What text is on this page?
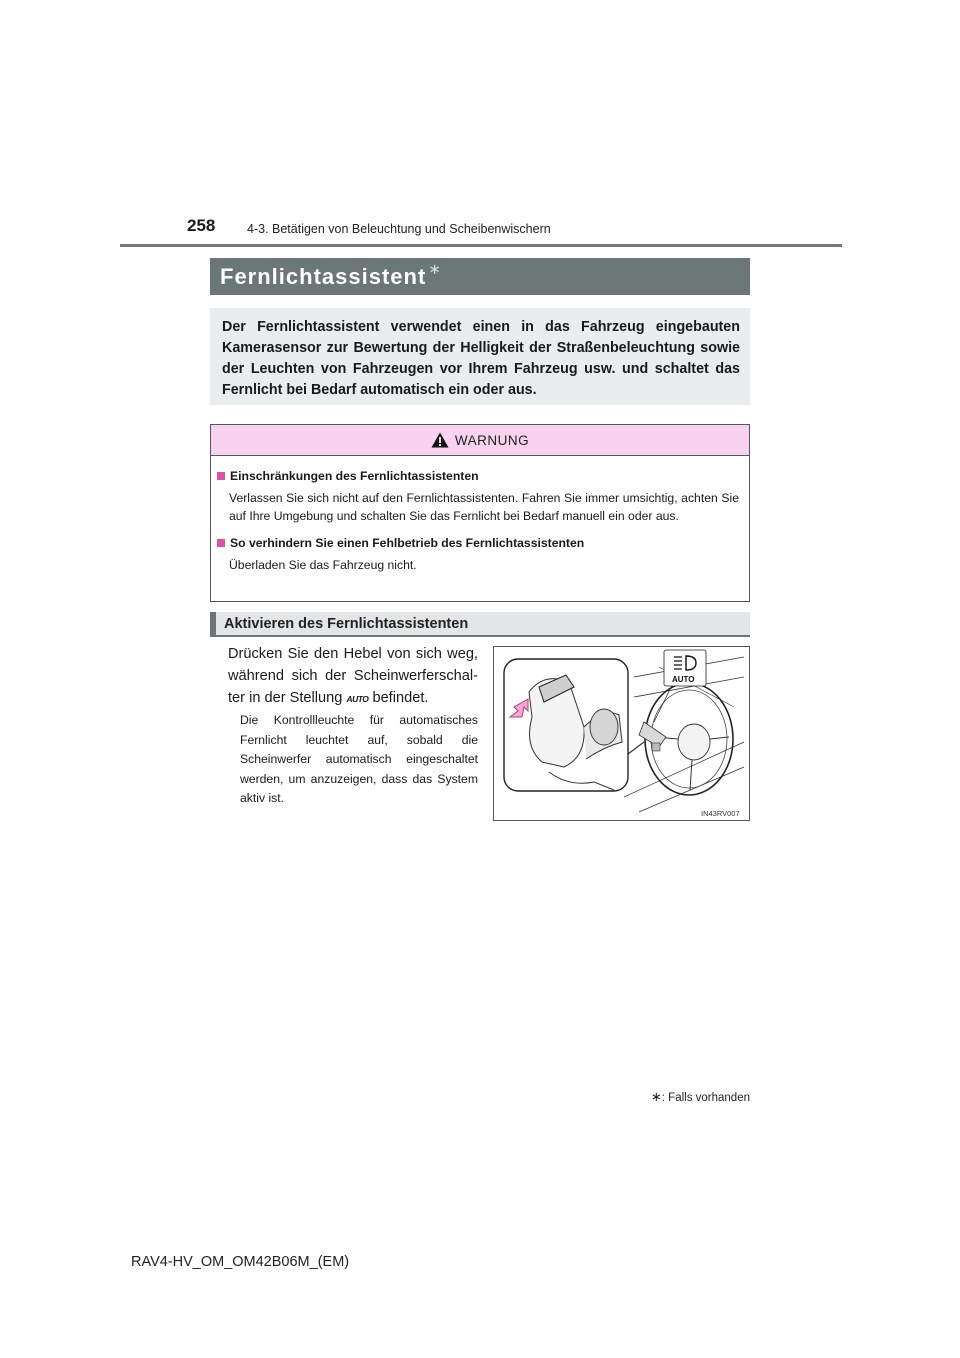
258	4-3. Betätigen von Beleuchtung und Scheibenwischern
Fernlichtassistent ∗
Der Fernlichtassistent verwendet einen in das Fahrzeug eingebauten Kamerasensor zur Bewertung der Helligkeit der Straßenbeleuchtung sowie der Leuchten von Fahrzeugen vor Ihrem Fahrzeug usw. und schaltet das Fernlicht bei Bedarf automatisch ein oder aus.
WARNUNG
Einschränkungen des Fernlichtassistenten
Verlassen Sie sich nicht auf den Fernlichtassistenten. Fahren Sie immer umsichtig, achten Sie auf Ihre Umgebung und schalten Sie das Fernlicht bei Bedarf manuell ein oder aus.
So verhindern Sie einen Fehlbetrieb des Fernlichtassistenten
Überladen Sie das Fahrzeug nicht.
Aktivieren des Fernlichtassistenten
Drücken Sie den Hebel von sich weg, während sich der Scheinwerferschalter in der Stellung AUTO befindet.
Die Kontrollleuchte für automatisches Fernlicht leuchtet auf, sobald die Scheinwerfer automatisch eingeschaltet werden, um anzuzeigen, dass das System aktiv ist.
AUTO
IN43RV007
∗: Falls vorhanden
RAV4-HV_OM_OM42B06M_(EM)
